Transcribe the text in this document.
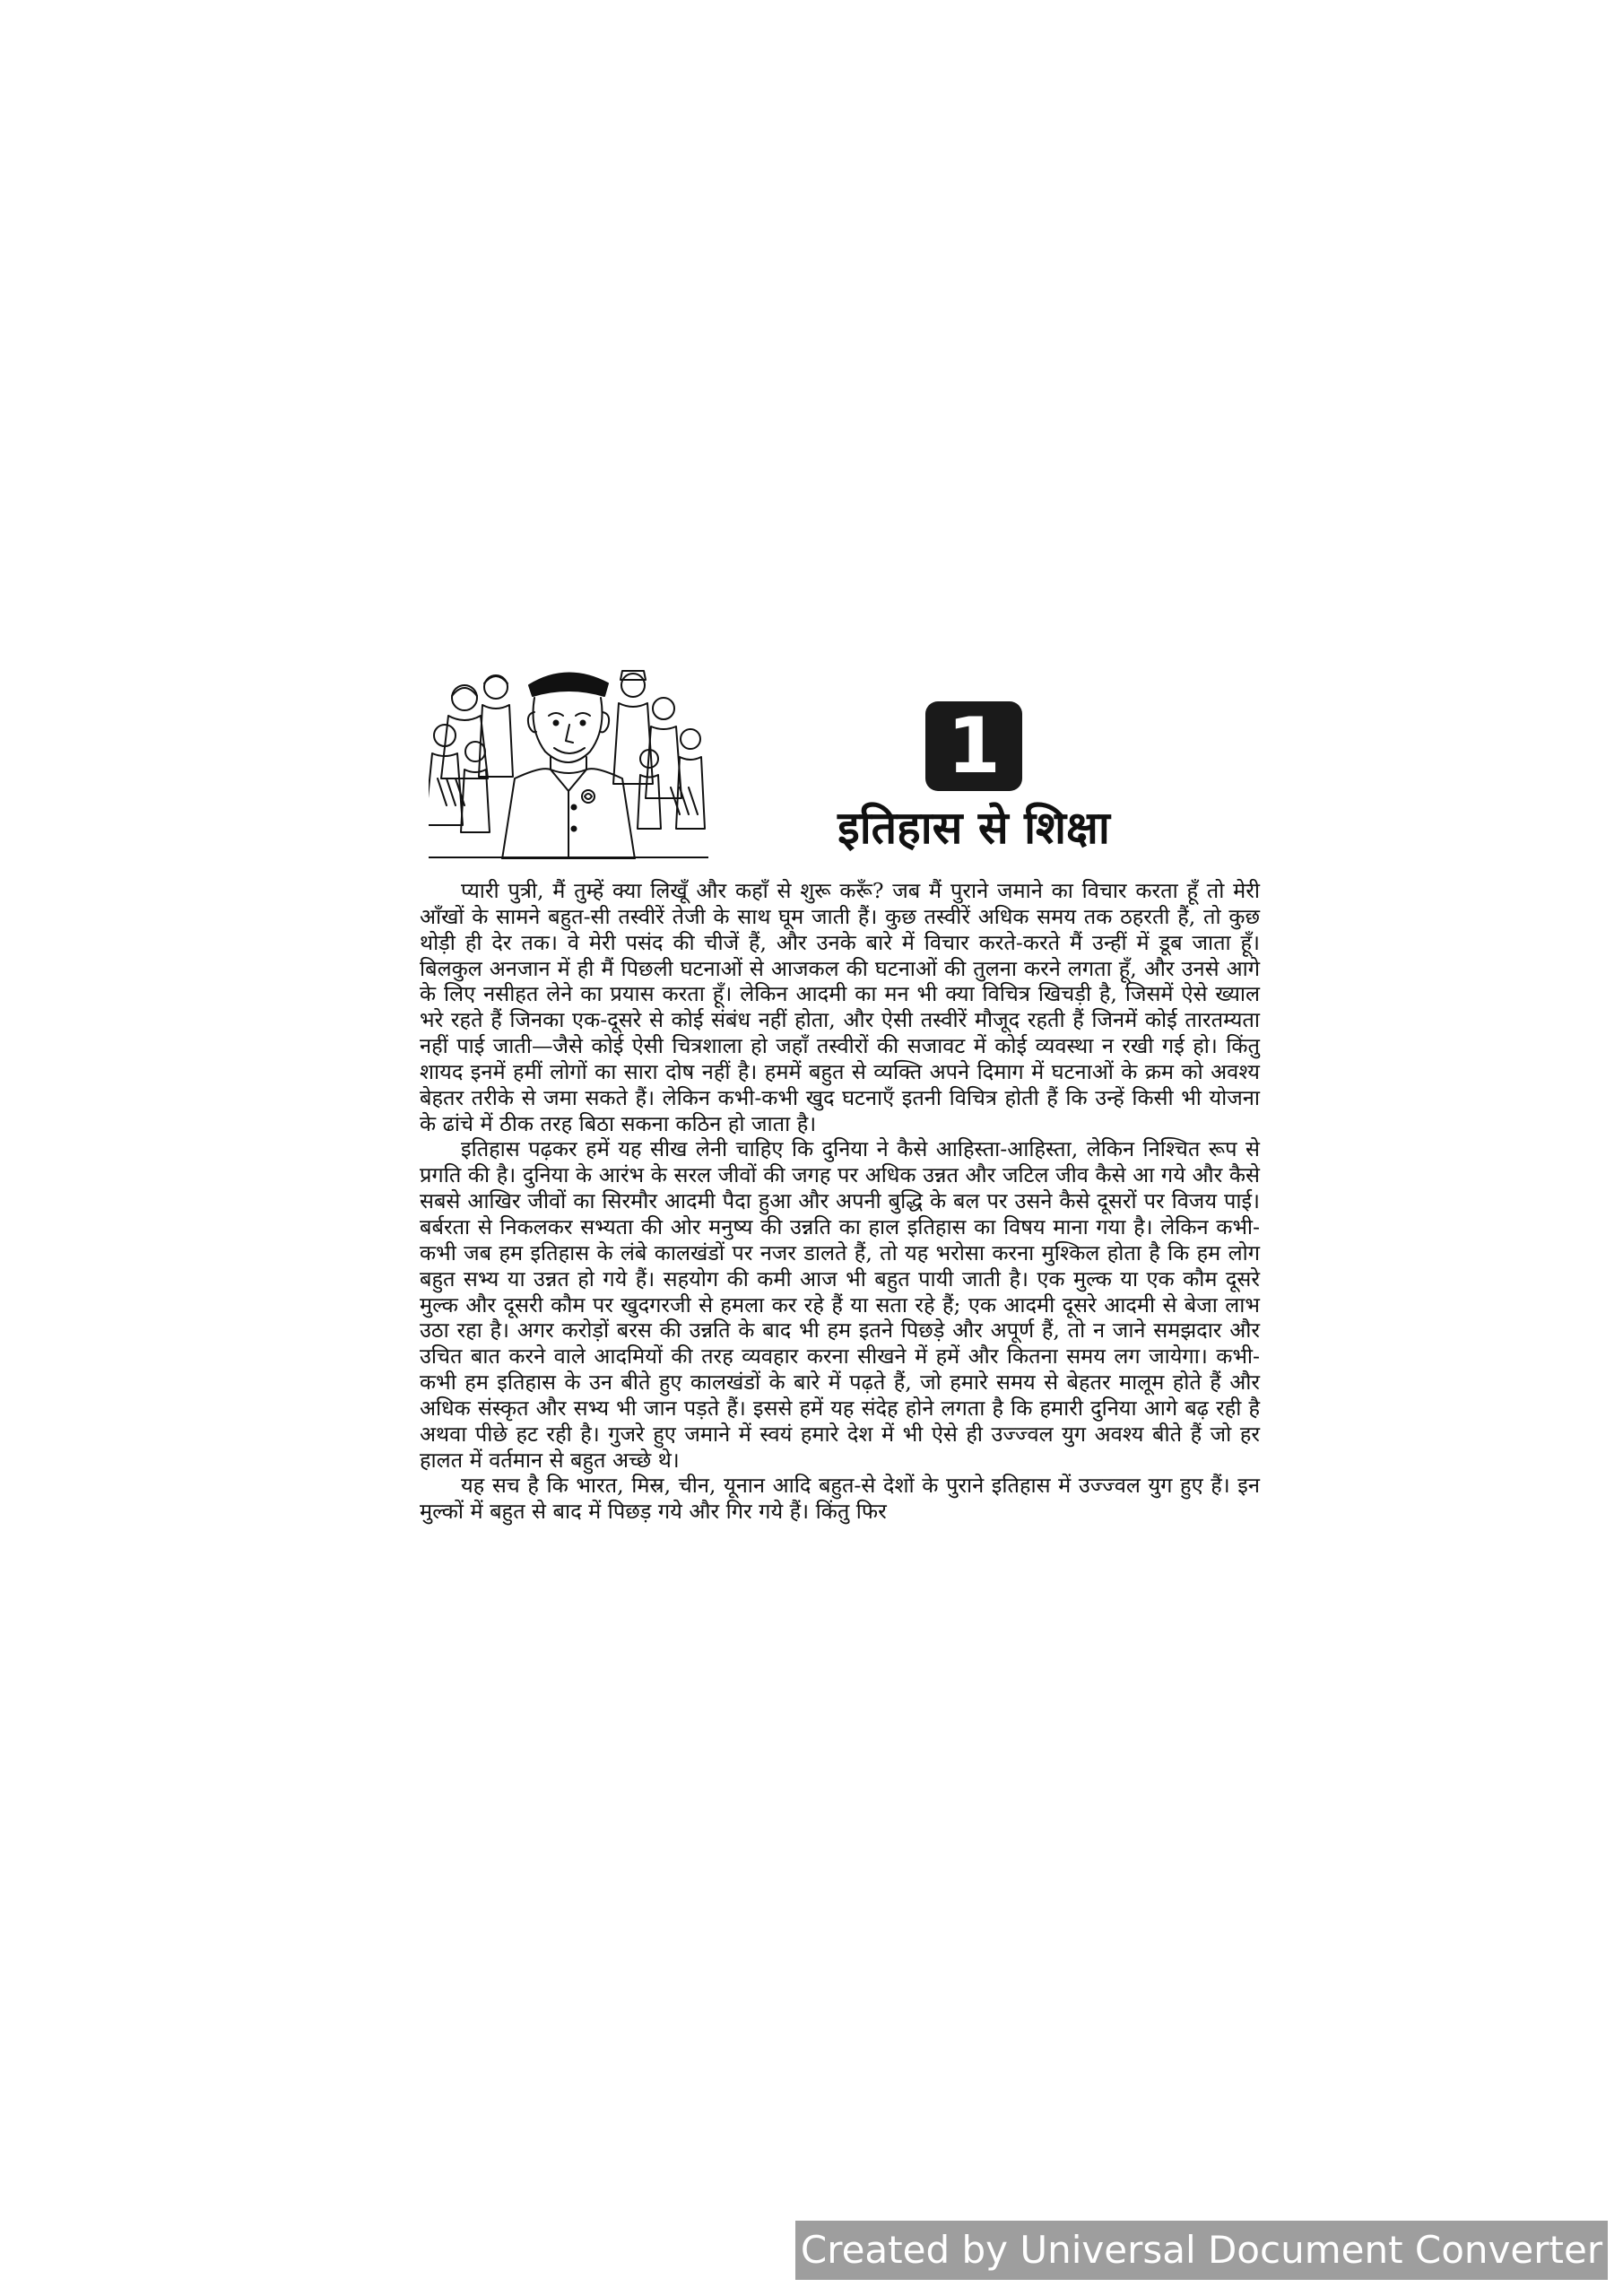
1
इतिहास से शिक्षा

प्यारी पुत्री, मैं तुम्हें क्या लिखूँ और कहाँ से शुरू करूँ? जब मैं पुराने जमाने का विचार करता हूँ तो मेरी आँखों के सामने बहुत-सी तस्वीरें तेजी के साथ घूम जाती हैं। कुछ तस्वीरें अधिक समय तक ठहरती हैं, तो कुछ थोड़ी ही देर तक। वे मेरी पसंद की चीजें हैं, और उनके बारे में विचार करते-करते मैं उन्हीं में डूब जाता हूँ। बिलकुल अनजान में ही मैं पिछली घटनाओं से आजकल की घटनाओं की तुलना करने लगता हूँ, और उनसे आगे के लिए नसीहत लेने का प्रयास करता हूँ। लेकिन आदमी का मन भी क्या विचित्र खिचड़ी है, जिसमें ऐसे ख्याल भरे रहते हैं जिनका एक-दूसरे से कोई संबंध नहीं होता, और ऐसी तस्वीरें मौजूद रहती हैं जिनमें कोई तारतम्यता नहीं पाई जाती—जैसे कोई ऐसी चित्रशाला हो जहाँ तस्वीरों की सजावट में कोई व्यवस्था न रखी गई हो। किंतु शायद इनमें हमीं लोगों का सारा दोष नहीं है। हममें बहुत से व्यक्ति अपने दिमाग में घटनाओं के क्रम को अवश्य बेहतर तरीके से जमा सकते हैं। लेकिन कभी-कभी खुद घटनाएँ इतनी विचित्र होती हैं कि उन्हें किसी भी योजना के ढांचे में ठीक तरह बिठा सकना कठिन हो जाता है।

इतिहास पढ़कर हमें यह सीख लेनी चाहिए कि दुनिया ने कैसे आहिस्ता-आहिस्ता, लेकिन निश्चित रूप से प्रगति की है। दुनिया के आरंभ के सरल जीवों की जगह पर अधिक उन्नत और जटिल जीव कैसे आ गये और कैसे सबसे आखिर जीवों का सिरमौर आदमी पैदा हुआ और अपनी बुद्धि के बल पर उसने कैसे दूसरों पर विजय पाई। बर्बरता से निकलकर सभ्यता की ओर मनुष्य की उन्नति का हाल इतिहास का विषय माना गया है। लेकिन कभी-कभी जब हम इतिहास के लंबे कालखंडों पर नजर डालते हैं, तो यह भरोसा करना मुश्किल होता है कि हम लोग बहुत सभ्य या उन्नत हो गये हैं। सहयोग की कमी आज भी बहुत पायी जाती है। एक मुल्क या एक कौम दूसरे मुल्क और दूसरी कौम पर खुदगरजी से हमला कर रहे हैं या सता रहे हैं; एक आदमी दूसरे आदमी से बेजा लाभ उठा रहा है। अगर करोड़ों बरस की उन्नति के बाद भी हम इतने पिछड़े और अपूर्ण हैं, तो न जाने समझदार और उचित बात करने वाले आदमियों की तरह व्यवहार करना सीखने में हमें और कितना समय लग जायेगा। कभी-कभी हम इतिहास के उन बीते हुए कालखंडों के बारे में पढ़ते हैं, जो हमारे समय से बेहतर मालूम होते हैं और अधिक संस्कृत और सभ्य भी जान पड़ते हैं। इससे हमें यह संदेह होने लगता है कि हमारी दुनिया आगे बढ़ रही है अथवा पीछे हट रही है। गुजरे हुए जमाने में स्वयं हमारे देश में भी ऐसे ही उज्ज्वल युग अवश्य बीते हैं जो हर हालत में वर्तमान से बहुत अच्छे थे।

यह सच है कि भारत, मिस्र, चीन, यूनान आदि बहुत-से देशों के पुराने इतिहास में उज्ज्वल युग हुए हैं। इन मुल्कों में बहुत से बाद में पिछड़ गये और गिर गये हैं। किंतु फिर

Created by Universal Document Converter
